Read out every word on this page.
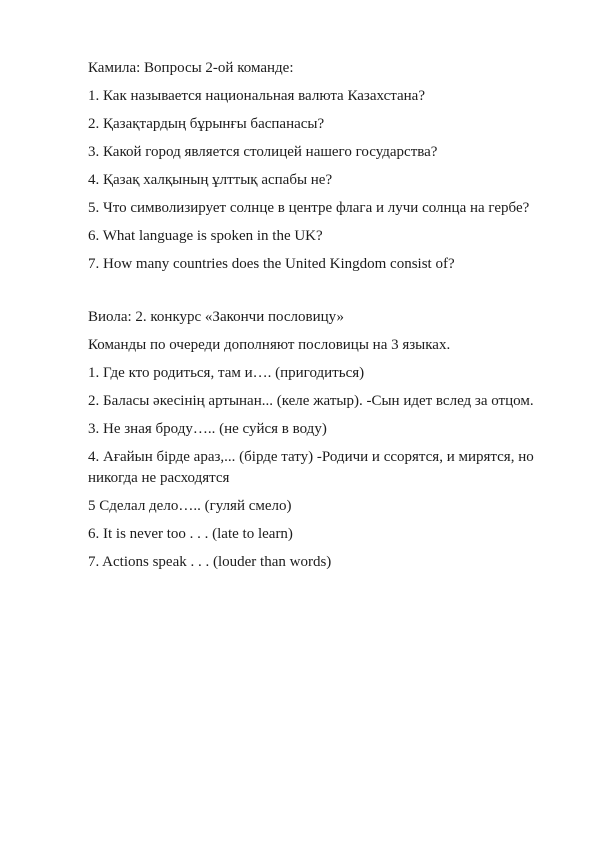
Камила: Вопросы 2-ой команде:

1. Как называется национальная валюта Казахстана?

2. Қазақтардың бұрынғы баспанасы?

3. Какой город является столицей нашего государства?

4. Қазақ халқының ұлттық аспабы не?

5. Что символизирует солнце в центре флага и лучи солнца на гербе?

6. What language is spoken in the UK?

7. How many countries does the United Kingdom consist of?

Виола: 2. конкурс «Закончи пословицу»

Команды по очереди дополняют пословицы на 3 языках.

1. Где кто родиться, там и…. (пригодиться)

2. Баласы әкесінің артынан... (келе жатыр). -Сын идет вслед за отцом.

3. Не зная броду….. (не суйся в воду)

4. Ағайын бірде араз,... (бірде тату) -Родичи и ссорятся, и мирятся, но никогда не расходятся

5 Сделал дело….. (гуляй смело)

6. It is never too . . . (late to learn)

7. Actions speak . . . (louder than words)
